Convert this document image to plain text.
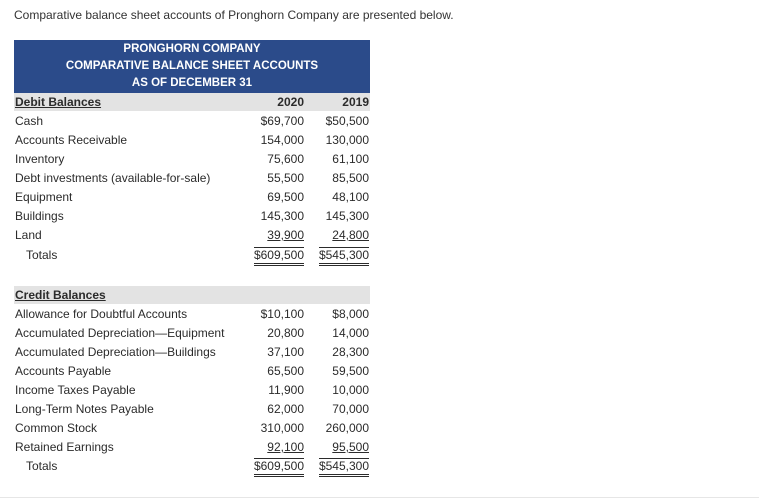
Comparative balance sheet accounts of Pronghorn Company are presented below.
PRONGHORN COMPANY
COMPARATIVE BALANCE SHEET ACCOUNTS
AS OF DECEMBER 31
Debit Balances	2020	2019
Cash	$69,700 $50,500
Accounts Receivable	154,000 130,000
Inventory	75,600 61,100
Debt investments (available-for-sale)	55,500 85,500
Equipment	69,500 48,100
Buildings	145,300 145,300
Land	39,900 24,800
Totals	$609,500 $545,300
Credit Balances
Allowance for Doubtful Accounts	$10,100 $8,000
Accumulated Depreciation—Equipment	20,800 14,000
Accumulated Depreciation—Buildings	37,100 28,300
Accounts Payable	65,500 59,500
Income Taxes Payable	11,900 10,000
Long-Term Notes Payable	62,000 70,000
Common Stock	310,000 260,000
Retained Earnings	92,100 95,500
Totals	$609,500 $545,300
